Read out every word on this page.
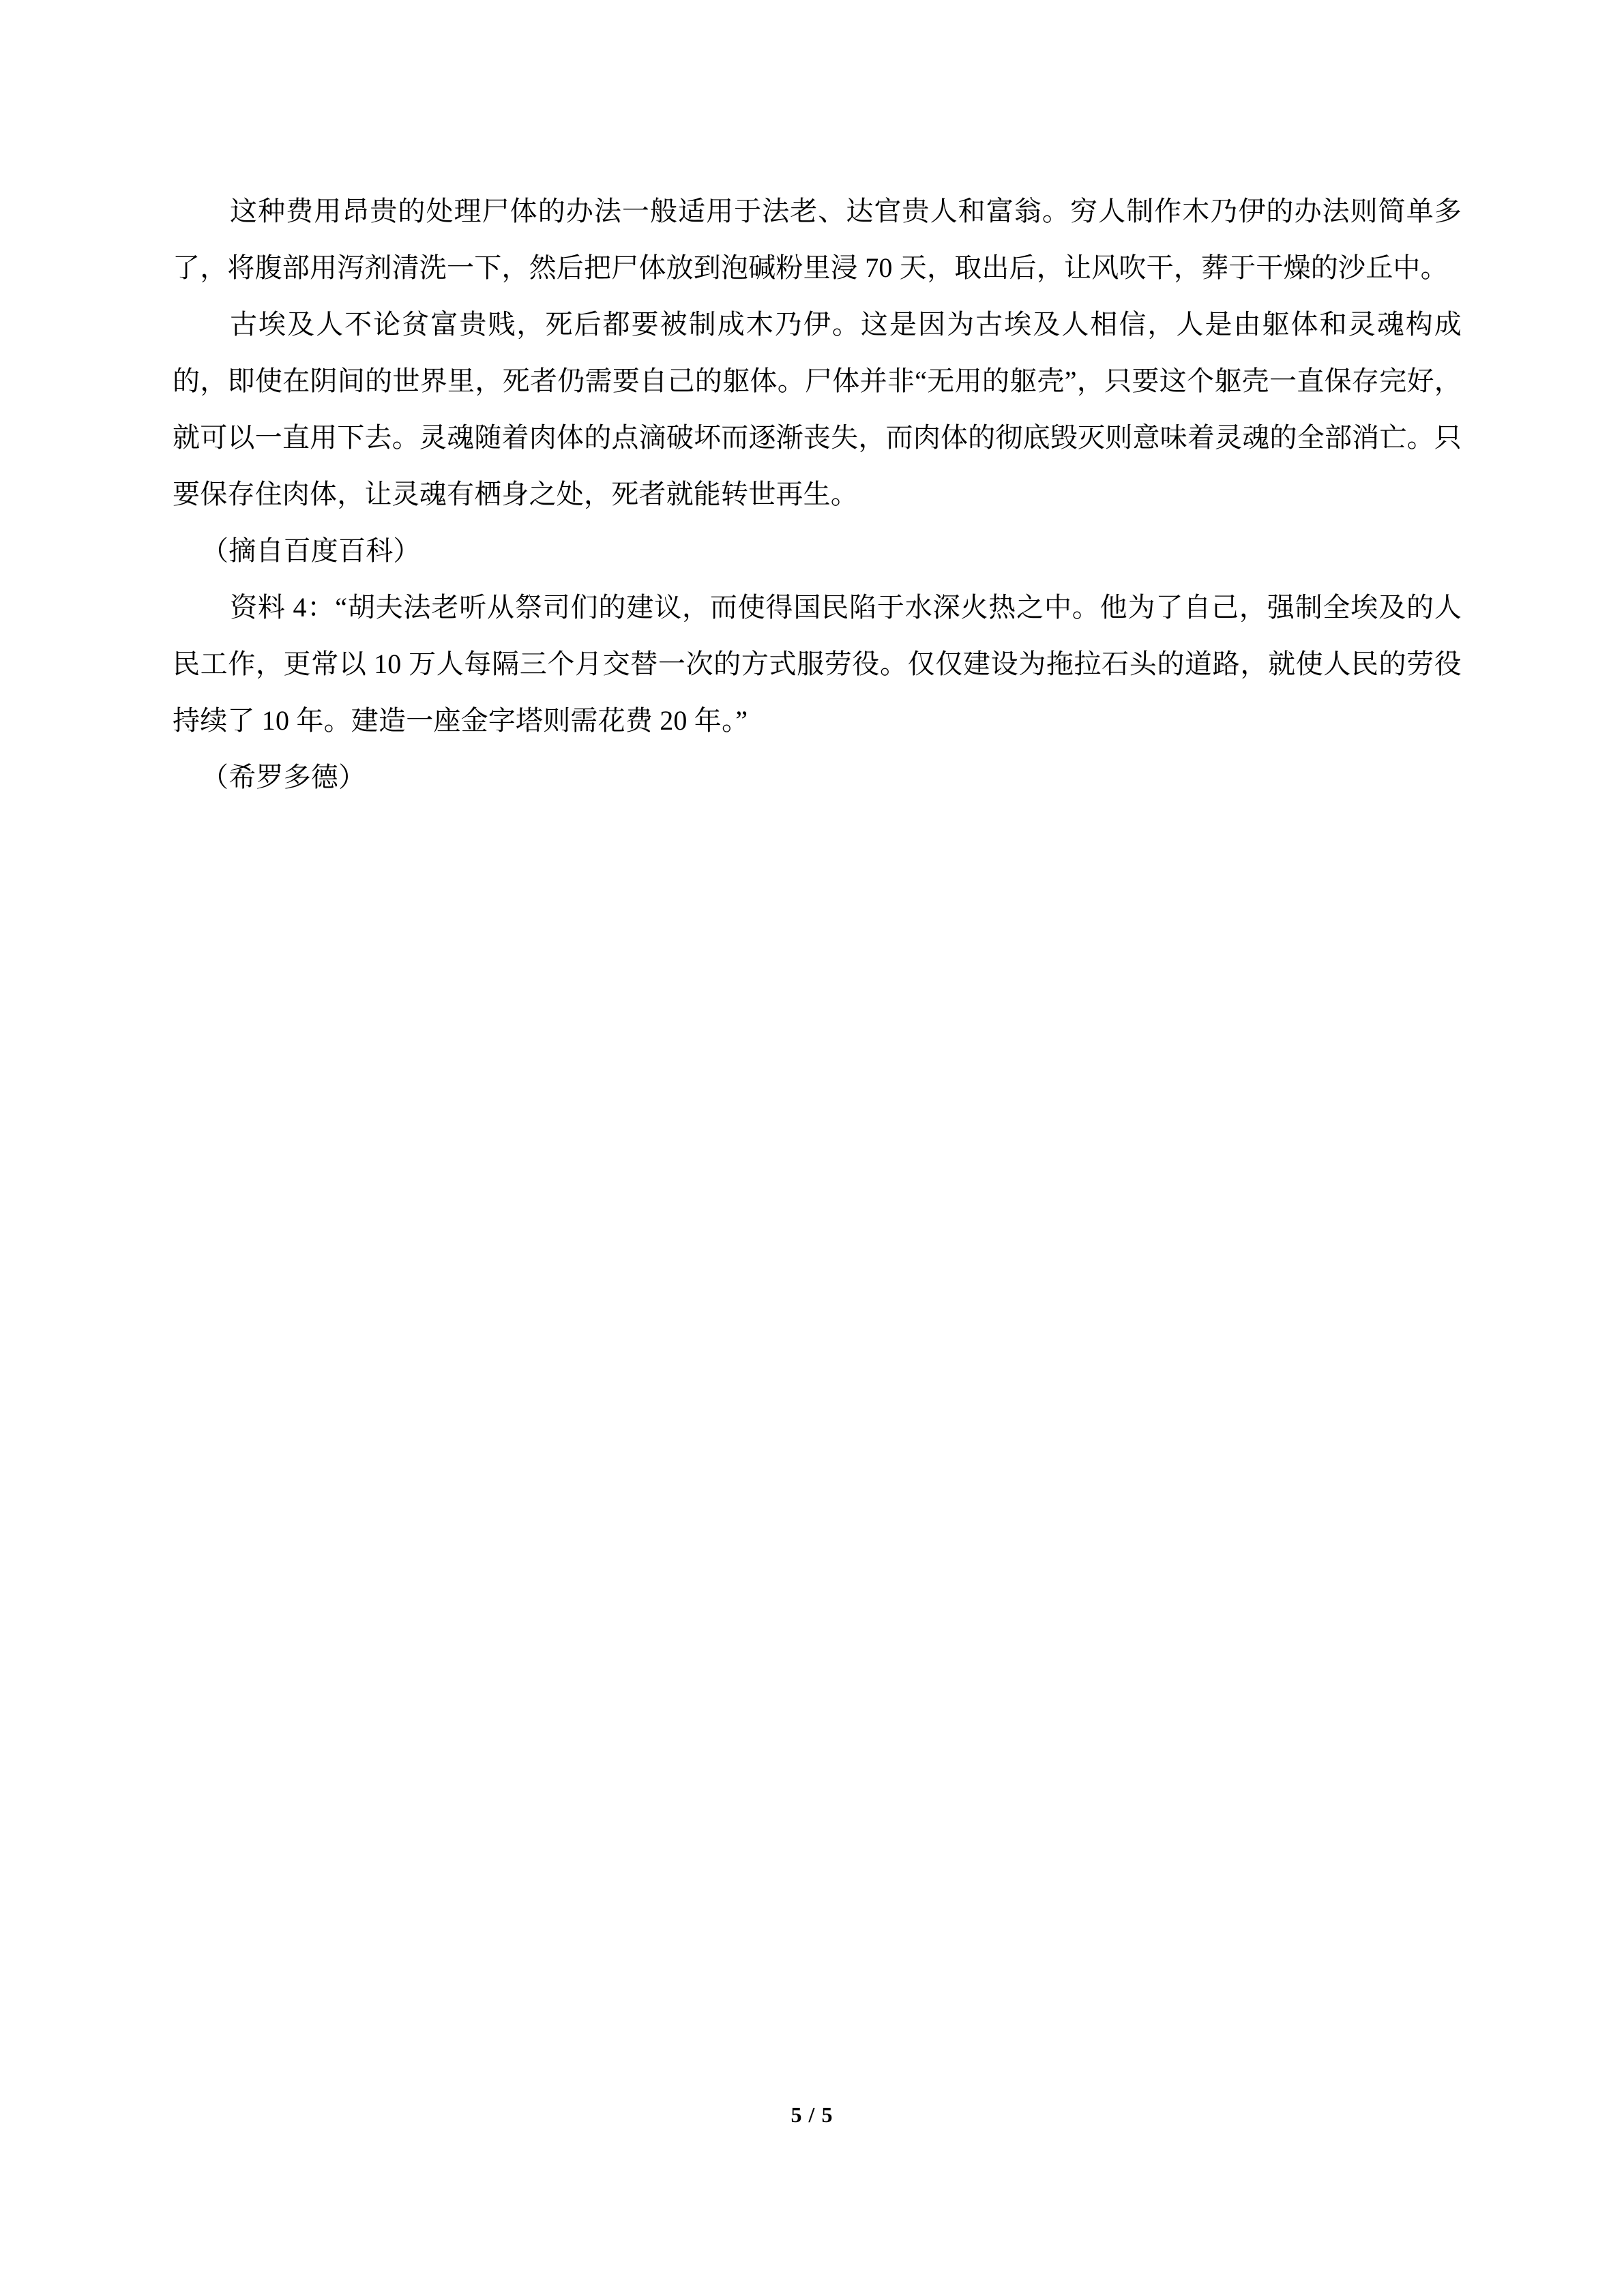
这种费用昂贵的处理尸体的办法一般适用于法老、达官贵人和富翁。穷人制作木乃伊的办法则简单多了，将腹部用泻剂清洗一下，然后把尸体放到泡碱粉里浸 70 天，取出后，让风吹干，葬于干燥的沙丘中。

古埃及人不论贫富贵贱，死后都要被制成木乃伊。这是因为古埃及人相信，人是由躯体和灵魂构成的，即使在阴间的世界里，死者仍需要自己的躯体。尸体并非“无用的躯壳”，只要这个躯壳一直保存完好，就可以一直用下去。灵魂随着肉体的点滴破坏而逐渐丧失，而肉体的彻底毁灭则意味着灵魂的全部消亡。只要保存住肉体，让灵魂有栖身之处，死者就能转世再生。

（摘自百度百科）

资料 4：“胡夫法老听从祭司们的建议，而使得国民陷于水深火热之中。他为了自己，强制全埃及的人民工作，更常以 10 万人每隔三个月交替一次的方式服劳役。仅仅建设为拖拉石头的道路，就使人民的劳役持续了 10 年。建造一座金字塔则需花费 20 年。”

（希罗多德）

5 / 5
